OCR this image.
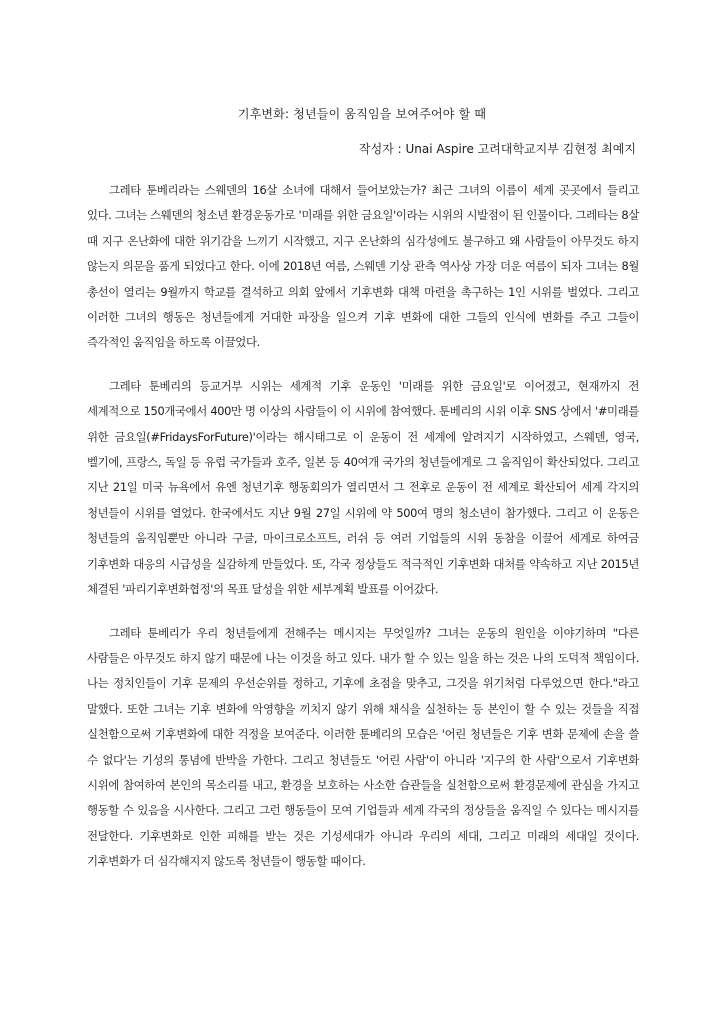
기후변화: 청년들이 움직임을 보여주어야 할 때
작성자 : Unai Aspire 고려대학교지부 김현정 최예지

그레타 툰베리라는 스웨덴의 16살 소녀에 대해서 들어보았는가? 최근 그녀의 이름이 세계 곳곳에서 들리고 있다. 그녀는 스웨덴의 청소년 환경운동가로 '미래를 위한 금요일'이라는 시위의 시발점이 된 인물이다. 그레타는 8살 때 지구 온난화에 대한 위기감을 느끼기 시작했고, 지구 온난화의 심각성에도 불구하고 왜 사람들이 아무것도 하지 않는지 의문을 품게 되었다고 한다. 이에 2018년 여름, 스웨덴 기상 관측 역사상 가장 더운 여름이 되자 그녀는 8월 총선이 열리는 9월까지 학교를 결석하고 의회 앞에서 기후변화 대책 마련을 촉구하는 1인 시위를 벌였다. 그리고 이러한 그녀의 행동은 청년들에게 거대한 파장을 일으켜 기후 변화에 대한 그들의 인식에 변화를 주고 그들이 즉각적인 움직임을 하도록 이끌었다.

그레타 툰베리의 등교거부 시위는 세계적 기후 운동인 '미래를 위한 금요일'로 이어졌고, 현재까지 전 세계적으로 150개국에서 400만 명 이상의 사람들이 이 시위에 참여했다. 툰베리의 시위 이후 SNS 상에서 '#미래를 위한 금요일(#FridaysForFuture)'이라는 해시태그로 이 운동이 전 세계에 알려지기 시작하였고, 스웨덴, 영국, 벨기에, 프랑스, 독일 등 유럽 국가들과 호주, 일본 등 40여개 국가의 청년들에게로 그 움직임이 확산되었다. 그리고 지난 21일 미국 뉴욕에서 유엔 청년기후 행동회의가 열리면서 그 전후로 운동이 전 세계로 확산되어 세계 각지의 청년들이 시위를 열었다. 한국에서도 지난 9월 27일 시위에 약 500여 명의 청소년이 참가했다. 그리고 이 운동은 청년들의 움직임뿐만 아니라 구글, 마이크로소프트, 러쉬 등 여러 기업들의 시위 동참을 이끌어 세계로 하여금 기후변화 대응의 시급성을 실감하게 만들었다. 또, 각국 정상들도 적극적인 기후변화 대처를 약속하고 지난 2015년 체결된 '파리기후변화협정'의 목표 달성을 위한 세부계획 발표를 이어갔다.

그레타 툰베리가 우리 청년들에게 전해주는 메시지는 무엇일까? 그녀는 운동의 원인을 이야기하며 "다른 사람들은 아무것도 하지 않기 때문에 나는 이것을 하고 있다. 내가 할 수 있는 일을 하는 것은 나의 도덕적 책임이다. 나는 정치인들이 기후 문제의 우선순위를 정하고, 기후에 초점을 맞추고, 그것을 위기처럼 다루었으면 한다."라고 말했다. 또한 그녀는 기후 변화에 악영향을 끼치지 않기 위해 채식을 실천하는 등 본인이 할 수 있는 것들을 직접 실천함으로써 기후변화에 대한 걱정을 보여준다. 이러한 툰베리의 모습은 '어린 청년들은 기후 변화 문제에 손을 쓸 수 없다'는 기성의 통념에 반박을 가한다. 그리고 청년들도 '어린 사람'이 아니라 '지구의 한 사람'으로서 기후변화 시위에 참여하여 본인의 목소리를 내고, 환경을 보호하는 사소한 습관들을 실천함으로써 환경문제에 관심을 가지고 행동할 수 있음을 시사한다. 그리고 그런 행동들이 모여 기업들과 세계 각국의 정상들을 움직일 수 있다는 메시지를 전달한다. 기후변화로 인한 피해를 받는 것은 기성세대가 아니라 우리의 세대, 그리고 미래의 세대일 것이다. 기후변화가 더 심각해지지 않도록 청년들이 행동할 때이다.
